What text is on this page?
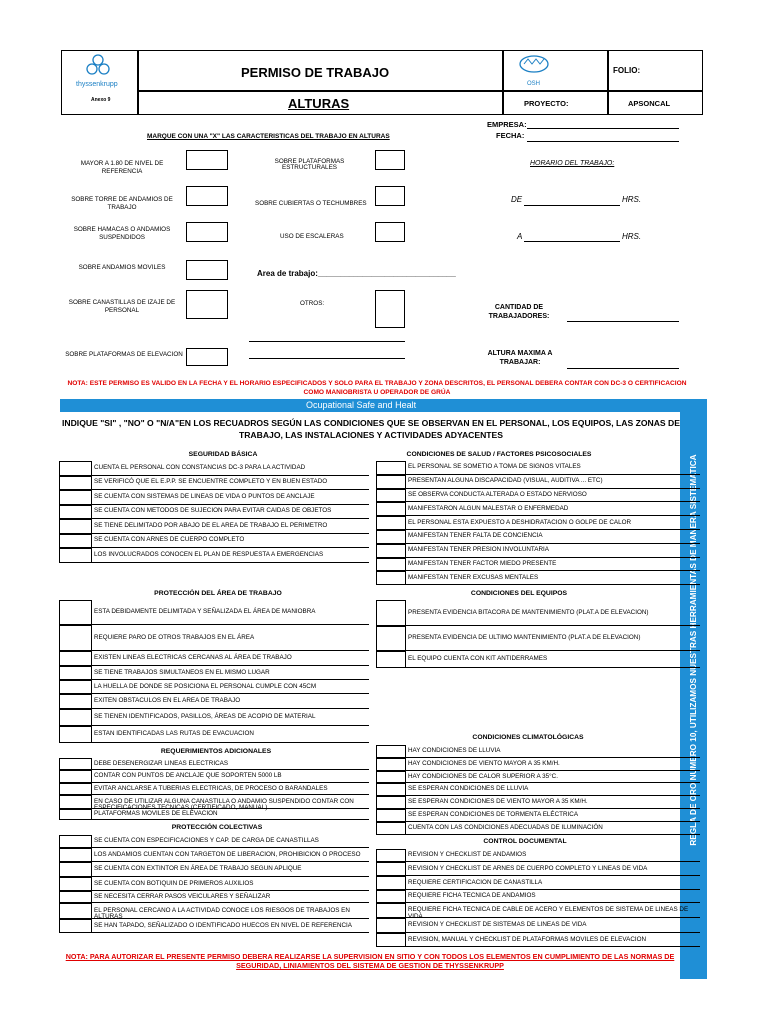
thyssenkrupp
Anexo 9
PERMISO DE TRABAJO
ALTURAS
OSH
FOLIO:
PROYECTO:	APSONCAL
EMPRESA:
FECHA:
MARQUE CON UNA "X" LAS CARACTERISTICAS DEL TRABAJO EN ALTURAS
MAYOR A 1.80 DE NIVEL DE REFERENCIA
SOBRE TORRE DE ANDAMIOS DE TRABAJO
SOBRE HAMACAS O ANDAMIOS SUSPENDIDOS
SOBRE ANDAMIOS MOVILES
SOBRE CANASTILLAS DE IZAJE DE PERSONAL
SOBRE PLATAFORMAS DE ELEVACION
SOBRE PLATAFORMAS ESTRUCTURALES
SOBRE CUBIERTAS O TECHUMBRES
USO DE ESCALERAS
Area de trabajo:_______________________________
OTROS:
HORARIO DEL TRABAJO:
DE	HRS.
A	HRS.
CANTIDAD DE TRABAJADORES:
ALTURA MAXIMA A TRABAJAR:
NOTA: ESTE PERMISO ES VALIDO EN LA FECHA Y EL HORARIO ESPECIFICADOS Y SOLO PARA EL TRABAJO Y ZONA DESCRITOS, EL PERSONAL DEBERA CONTAR CON DC-3 O CERTIFICACION COMO MANIOBRISTA U OPERADOR DE GRÚA
Ocupational Safe and Healt
REGLA DE ORO NUMERO 10, UTILIZAMOS NUESTRAS HERRAMIENTAS DE MANERA SISTEMATICA
INDIQUE "SI" , "NO" O "N/A"EN LOS RECUADROS SEGÚN LAS CONDICIONES QUE SE OBSERVAN EN EL PERSONAL, LOS EQUIPOS, LAS ZONAS DE TRABAJO, LAS INSTALACIONES Y ACTIVIDADES ADYACENTES
SEGURIDAD BÁSICA
CUENTA EL PERSONAL CON CONSTANCIAS DC-3 PARA LA ACTIVIDAD
SE VERIFICÓ QUE EL E.P.P. SE ENCUENTRE COMPLETO Y EN BUEN ESTADO
SE CUENTA CON SISTEMAS DE LINEAS DE VIDA O PUNTOS DE ANCLAJE
SE CUENTA CON METODOS DE SUJECION PARA EVITAR CAIDAS DE OBJETOS
SE TIENE DELIMITADO POR ABAJO DE EL AREA DE TRABAJO EL PERIMETRO
SE CUENTA CON ARNES DE CUERPO COMPLETO
LOS INVOLUCRADOS CONOCEN EL PLAN DE RESPUESTA A EMERGENCIAS
CONDICIONES DE SALUD / FACTORES PSICOSOCIALES
EL PERSONAL SE SOMETIO A TOMA DE SIGNOS VITALES
PRESENTAN ALGUNA DISCAPACIDAD (VISUAL, AUDITIVA ... ETC)
SE OBSERVA CONDUCTA ALTERADA O ESTADO NERVIOSO
MANIFESTARON ALGUN MALESTAR O ENFERMEDAD
EL PERSONAL ESTA EXPUESTO A DESHIDRATACION O GOLPE DE CALOR
MANIFESTAN TENER FALTA DE CONCIENCIA
MANIFESTAN TENER PRESION INVOLUNTARIA
MANIFESTAN TENER FACTOR MIEDO PRESENTE
MANIFESTAN TENER EXCUSAS MENTALES
PROTECCIÓN DEL ÁREA DE TRABAJO
ESTA DEBIDAMENTE DELIMITADA Y SEÑALIZADA EL ÁREA DE MANIOBRA
REQUIERE PARO DE OTROS TRABAJOS EN EL ÁREA
EXISTEN LINEAS ELECTRICAS CERCANAS AL ÁREA DE TRABAJO
SE TIENE TRABAJOS SIMULTANEOS EN EL MISMO LUGAR
LA HUELLA DE DONDE SE POSICIONA EL PERSONAL CUMPLE CON 45CM
EXITEN OBSTACULOS EN EL AREA DE TRABAJO
SE TIENEN IDENTIFICADOS, PASILLOS, ÁREAS DE ACOPIO DE MATERIAL
ESTAN IDENTIFICADAS LAS RUTAS DE EVACUACION
CONDICIONES DEL EQUIPOS
PRESENTA EVIDENCIA BITACORA DE MANTENIMIENTO (PLAT.A DE ELEVACION)
PRESENTA EVIDENCIA DE ULTIMO MANTENIMIENTO (PLAT.A DE ELEVACION)
EL EQUIPO CUENTA CON KIT ANTIDERRAMES
REQUERIMIENTOS ADICIONALES
DEBE DESENERGIZAR LINEAS ELECTRICAS
CONTAR CON PUNTOS DE ANCLAJE QUE SOPORTEN 5000 LB
EVITAR ANCLARSE A TUBERIAS ELECTRICAS, DE PROCESO O BARANDALES
EN CASO DE UTILIZAR ALGUNA CANASTILLA O ANDAMIO SUSPENDIDO CONTAR CON ESPECIFICACIONES TECNICAS (CERTIFICADO, MANUAL)
PLATAFORMAS MOVILES DE ELEVACION
CONDICIONES CLIMATOLÓGICAS
HAY CONDICIONES DE LLUVIA
HAY CONDICIONES DE VIENTO MAYOR A 35 KM/H.
HAY CONDICIONES DE CALOR SUPERIOR A 35°C.
SE ESPERAN CONDICIONES DE LLUVIA
SE ESPERAN CONDICIONES DE VIENTO MAYOR A 35 KM/H.
SE ESPERAN CONDICIONES DE TORMENTA ELÉCTRICA
CUENTA CON LAS CONDICIONES ADECUADAS DE ILUMINACIÓN
PROTECCIÓN COLECTIVAS
SE CUENTA CON ESPECIFICACIONES Y CAP. DE CARGA DE CANASTILLAS
LOS ANDAMIOS CUENTAN CON TARGETON DE LIBERACION, PROHIBICION O PROCESO
SE CUENTA CON EXTINTOR EN ÁREA DE TRABAJO SEGUN APLIQUE
SE CUENTA CON BOTIQUIN DE PRIMEROS AUXILIOS
SE NECESITA CERRAR PASOS VEICULARES Y SEÑALIZAR
EL PERSONAL CERCANO A LA ACTIVIDAD CONOCE LOS RIESGOS DE TRABAJOS EN ALTURAS
SE HAN TAPADO, SEÑALIZADO O IDENTIFICADO HUECOS EN NIVEL DE REFERENCIA
CONTROL DOCUMENTAL
REVISION Y CHECKLIST DE ANDAMIOS
REVISION Y CHECKLIST DE ARNES DE CUERPO COMPLETO Y LINEAS DE VIDA
REQUIERE CERTIFICACION DE CANASTILLA
REQUIERE FICHA TECNICA DE ANDAMIOS
REQUIERE FICHA TECNICA DE CABLE DE ACERO Y ELEMENTOS DE SISTEMA DE LINEAS DE VIDA
REVISION Y CHECKLIST DE SISTEMAS DE LINEAS DE VIDA
REVISION, MANUAL Y CHECKLIST DE PLATAFORMAS MOVILES DE ELEVACION
NOTA: PARA AUTORIZAR EL PRESENTE PERMISO DEBERA REALIZARSE LA SUPERVISION EN SITIO Y CON TODOS LOS ELEMENTOS EN CUMPLIMIENTO DE LAS NORMAS DE SEGURIDAD, LINIAMIENTOS DEL SISTEMA DE GESTION DE THYSSENKRUPP
